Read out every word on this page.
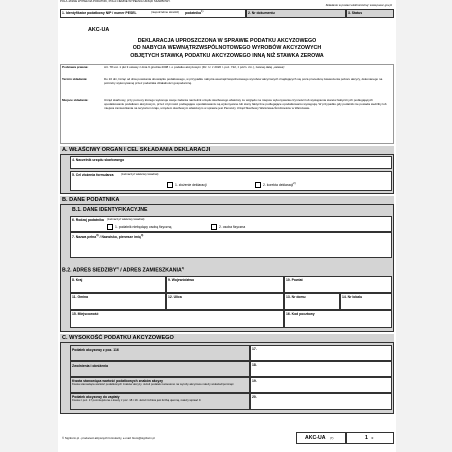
POLA JASNE WYPEŁNIA PODATNIK, POLA CIEMNE WYPEŁNIA URZĄD SKARBOWY.
Składanie w postaci elektronicznej: www.puesc.gov.pl
1. Identyfikator podatkowy NIP / numer PESEL	(niepotrzebne skreślić) podatnika 1)	2. Nr dokumentu	3. Status
AKC-UA
DEKLARACJA UPROSZCZONA W SPRAWIE PODATKU AKCYZOWEGO
OD NABYCIA WEWNĄTRZWSPÓLNOTOWEGO WYROBÓW AKCYZOWYCH
OBJĘTYCH STAWKĄ PODATKU AKCYZOWEGO INNĄ NIŻ STAWKA ZEROWA
Podstawa prawna:	Art. 78 ust. 1 pkt 3 ustawy z dnia 6 grudnia 2008 r. o podatku akcyzowym (Dz. U. z 2020 r. poz. 722, z późn. zm.), zwanej dalej „ustawą”.
Termin składania:	Do 10 dni, licząc od dnia powstania obowiązku podatkowego, w przypadku nabycia wewnątrzwspólnotowego wyrobów akcyzowych znajdujących się poza procedurą zawieszenia poboru akcyzy, dokonanego na potrzeby wykonywanej przez podatnika działalności gospodarczej.
Miejsce składania:	Urząd skarbowy, przy pomocy którego wykonuje swoje zadania naczelnik urzędu skarbowego właściwy ze względu na miejsce wykonywania czynności lub wystąpienia stanów faktycznych podlegających opodatkowaniu podatkiem akcyzowym, przez czynności podlegające opodatkowaniu są wykonywane lub stany faktyczne podlegające opodatkowaniu występują. W przypadku gdy podatnik nie posiada siedziby lub miejsca zamieszkania na terytorium kraju, urzędem skarbowym właściwym w sprawie jest Pierwszy Urząd Skarbowy Warszawa-Śródmieście w Warszawie.
A. WŁAŚCIWY ORGAN I CEL SKŁADANIA DEKLARACJI
4. Naczelnik urzędu skarbowego
5. Cel złożenia formularza	(zaznaczyć właściwy kwadrat):
1. złożenie deklaracji	2. korekta deklaracji$^{2)}$
B. DANE PODATNIKA
B.1. DANE IDENTYFIKACYJNE
6. Rodzaj podatnika (zaznaczyć właściwy kwadrat):
1. podatnik niebędący osobą fizyczną	2. osoba fizyczna
7. Nazwa pełna$^{3)}$ / Nazwisko, pierwsze imię$^{4)}$
B.2. ADRES SIEDZIBY$^{3)}$ / ADRES ZAMIESZKANIA$^{4)}$
8. Kraj	9. Województwo	10. Powiat
11. Gmina	12. Ulica	13. Nr domu	14. Nr lokalu
15. Miejscowość	16. Kod pocztowy
C. WYSOKOŚĆ PODATKU AKCYZOWEGO
Podatek akcyzowy z poz. 116	17.
Zwolnienia i obniżenia	18.
Kwota stanowiąca wartość podatkowych znaków akcyzy
Kwota stanowiąca wartość podatkowych znaków akcyzy. Jeżeli podatek naniesiono na wyroby akcyzowe należy wskazać/pominąć.
19.
Podatek akcyzowy do zapłaty
Kwota z poz. 17 pomniejszona o kwoty z poz. 18 i 19. Jeżeli różnica jest liczbą ujemną, należy wpisać 0.
20.
© Signform.pl - producent aktywnych formularzy, e-mail: biuro@signform.pl	AKC-UA (7)	1 /3
